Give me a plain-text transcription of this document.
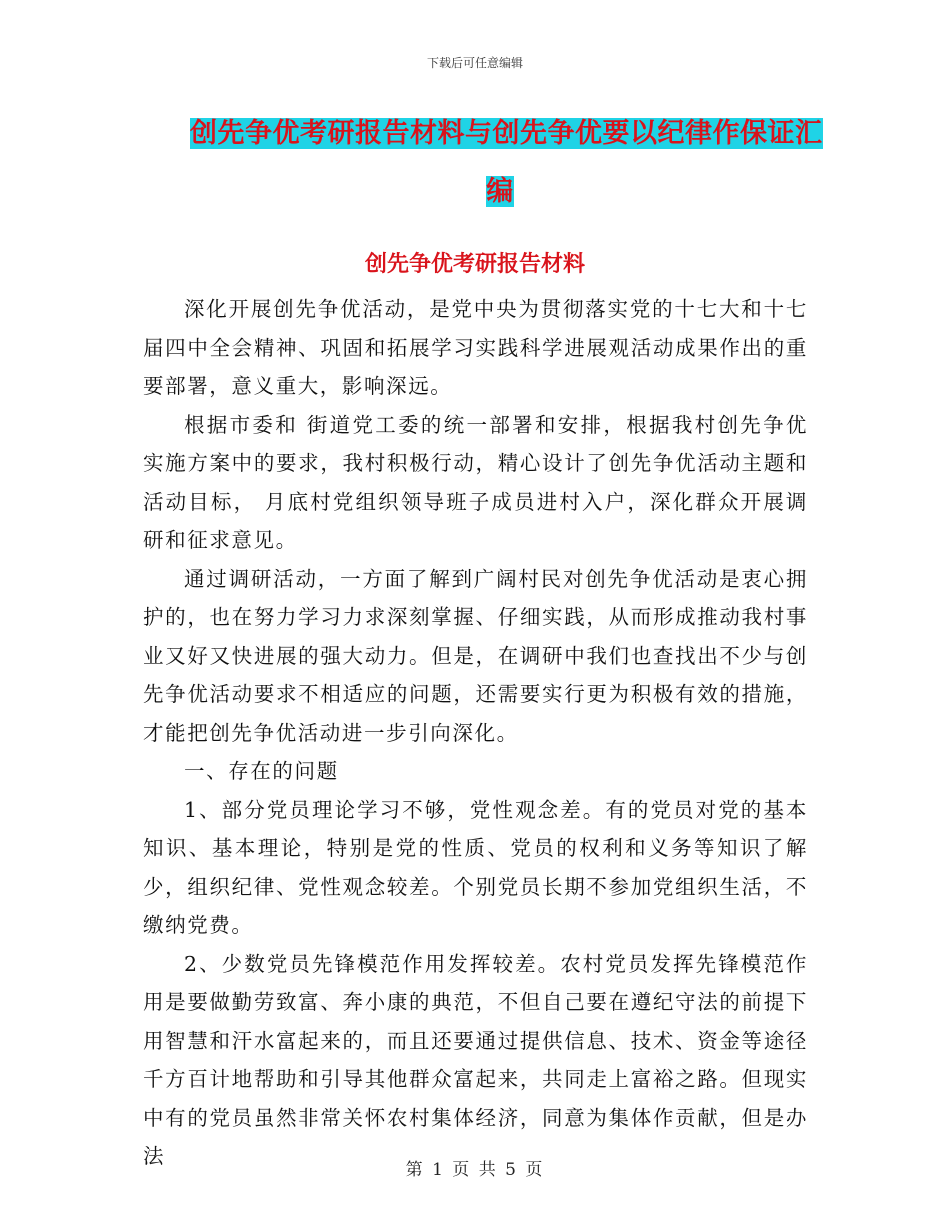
下载后可任意编辑
创先争优考研报告材料与创先争优要以纪律作保证汇
编
创先争优考研报告材料

深化开展创先争优活动，是党中央为贯彻落实党的十七大和十七届四中全会精神、巩固和拓展学习实践科学进展观活动成果作出的重要部署，意义重大，影响深远。

根据市委和 街道党工委的统一部署和安排，根据我村创先争优实施方案中的要求，我村积极行动，精心设计了创先争优活动主题和活动目标， 月底村党组织领导班子成员进村入户，深化群众开展调研和征求意见。

通过调研活动，一方面了解到广阔村民对创先争优活动是衷心拥护的，也在努力学习力求深刻掌握、仔细实践，从而形成推动我村事业又好又快进展的强大动力。但是，在调研中我们也查找出不少与创先争优活动要求不相适应的问题，还需要实行更为积极有效的措施，才能把创先争优活动进一步引向深化。

一、存在的问题

1、部分党员理论学习不够，党性观念差。有的党员对党的基本知识、基本理论，特别是党的性质、党员的权利和义务等知识了解少，组织纪律、党性观念较差。个别党员长期不参加党组织生活，不缴纳党费。

2、少数党员先锋模范作用发挥较差。农村党员发挥先锋模范作用是要做勤劳致富、奔小康的典范，不但自己要在遵纪守法的前提下用智慧和汗水富起来的，而且还要通过提供信息、技术、资金等途径千方百计地帮助和引导其他群众富起来，共同走上富裕之路。但现实中有的党员虽然非常关怀农村集体经济，同意为集体作贡献，但是办法

第 1 页 共 5 页
